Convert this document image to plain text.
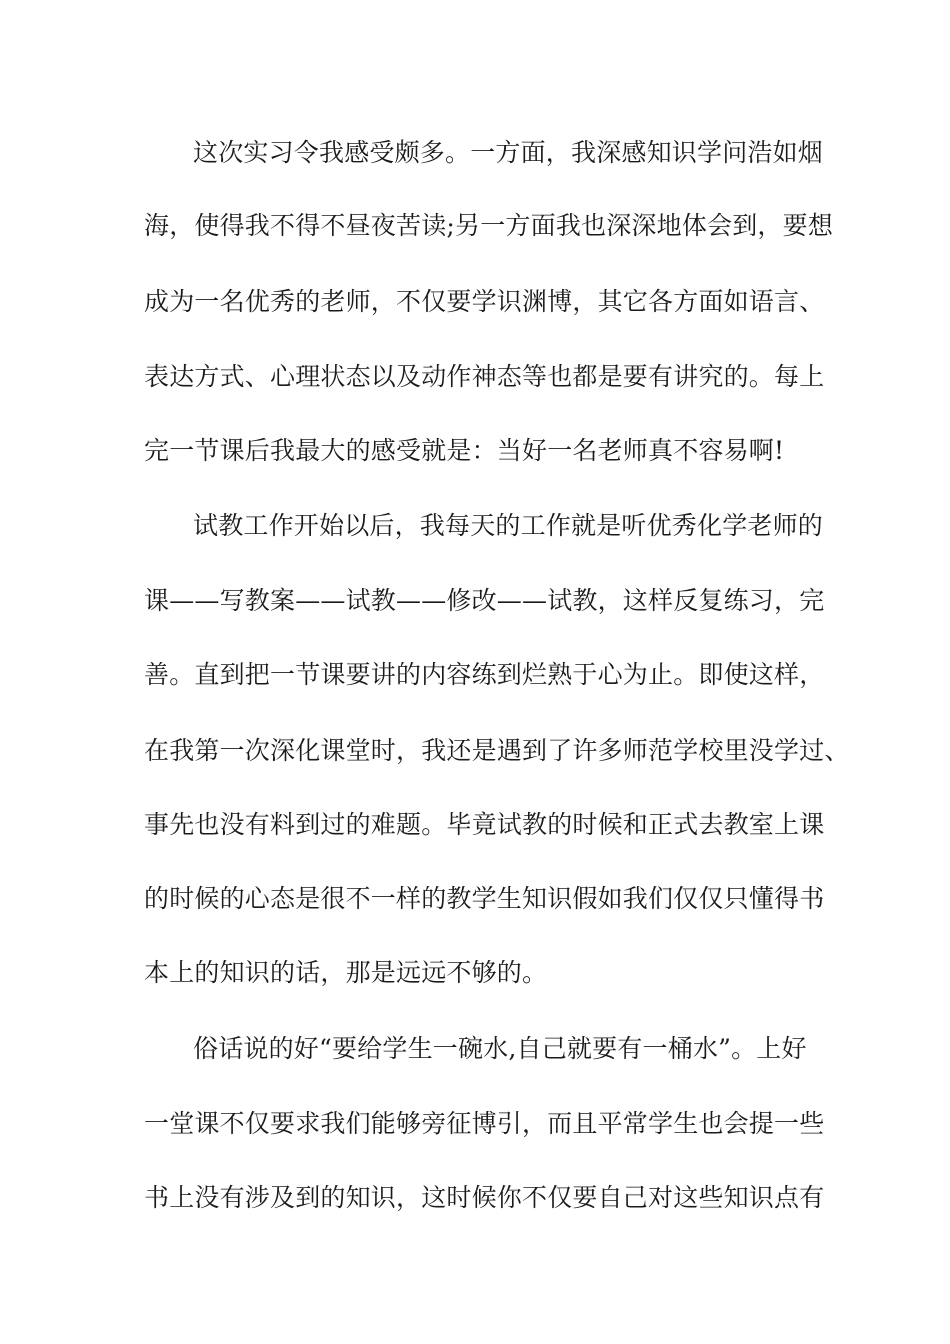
这次实习令我感受颇多。一方面，我深感知识学问浩如烟
海，使得我不得不昼夜苦读;另一方面我也深深地体会到，要想
成为一名优秀的老师，不仅要学识渊博，其它各方面如语言、
表达方式、心理状态以及动作神态等也都是要有讲究的。每上
完一节课后我最大的感受就是：当好一名老师真不容易啊!
试教工作开始以后，我每天的工作就是听优秀化学老师的
课——写教案——试教——修改——试教，这样反复练习，完
善。直到把一节课要讲的内容练到烂熟于心为止。即使这样，
在我第一次深化课堂时，我还是遇到了许多师范学校里没学过、
事先也没有料到过的难题。毕竟试教的时候和正式去教室上课
的时候的心态是很不一样的教学生知识假如我们仅仅只懂得书
本上的知识的话，那是远远不够的。
俗话说的好“要给学生一碗水,自己就要有一桶水”。上好
一堂课不仅要求我们能够旁征博引，而且平常学生也会提一些
书上没有涉及到的知识，这时候你不仅要自己对这些知识点有
